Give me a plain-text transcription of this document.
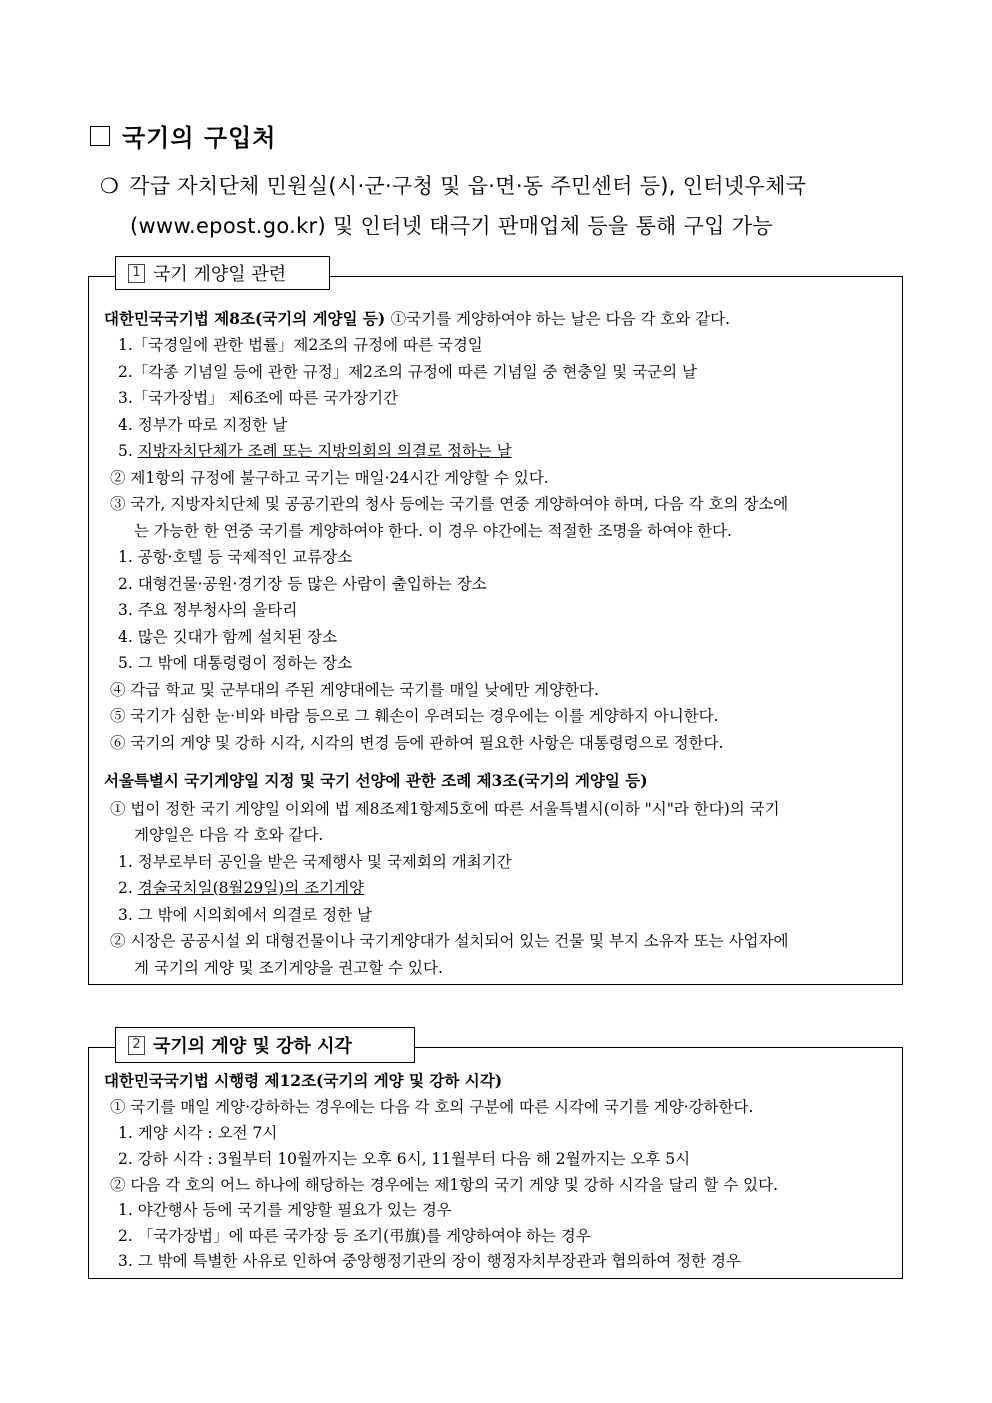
국기의 구입처
❍ 각급 자치단체 민원실(시·군·구청 및 읍·면·동 주민센터 등), 인터넷우체국
(www.epost.go.kr) 및 인터넷 태극기 판매업체 등을 통해 구입 가능
1 국기 게양일 관련
대한민국국기법 제8조(국기의 게양일 등) ①국기를 게양하여야 하는 날은 다음 각 호와 같다.
1.「국경일에 관한 법률」제2조의 규정에 따른 국경일
2.「각종 기념일 등에 관한 규정」제2조의 규정에 따른 기념일 중 현충일 및 국군의 날
3.「국가장법」 제6조에 따른 국가장기간
4. 정부가 따로 지정한 날
5. 지방자치단체가 조례 또는 지방의회의 의결로 정하는 날
② 제1항의 규정에 불구하고 국기는 매일·24시간 게양할 수 있다.
③ 국가, 지방자치단체 및 공공기관의 청사 등에는 국기를 연중 게양하여야 하며, 다음 각 호의 장소에
는 가능한 한 연중 국기를 게양하여야 한다. 이 경우 야간에는 적절한 조명을 하여야 한다.
1. 공항·호텔 등 국제적인 교류장소
2. 대형건물·공원·경기장 등 많은 사람이 출입하는 장소
3. 주요 정부청사의 울타리
4. 많은 깃대가 함께 설치된 장소
5. 그 밖에 대통령령이 정하는 장소
④ 각급 학교 및 군부대의 주된 게양대에는 국기를 매일 낮에만 게양한다.
⑤ 국기가 심한 눈·비와 바람 등으로 그 훼손이 우려되는 경우에는 이를 게양하지 아니한다.
⑥ 국기의 게양 및 강하 시각, 시각의 변경 등에 관하여 필요한 사항은 대통령령으로 정한다.
서울특별시 국기게양일 지정 및 국기 선양에 관한 조례 제3조(국기의 게양일 등)
① 법이 정한 국기 게양일 이외에 법 제8조제1항제5호에 따른 서울특별시(이하 "시"라 한다)의 국기
게양일은 다음 각 호와 같다.
1. 정부로부터 공인을 받은 국제행사 및 국제회의 개최기간
2. 경술국치일(8월29일)의 조기게양
3. 그 밖에 시의회에서 의결로 정한 날
② 시장은 공공시설 외 대형건물이나 국기게양대가 설치되어 있는 건물 및 부지 소유자 또는 사업자에
게 국기의 게양 및 조기게양을 권고할 수 있다.
2 국기의 게양 및 강하 시각
대한민국국기법 시행령 제12조(국기의 게양 및 강하 시각)
① 국기를 매일 게양·강하하는 경우에는 다음 각 호의 구분에 따른 시각에 국기를 게양·강하한다.
1. 게양 시각 : 오전 7시
2. 강하 시각 : 3월부터 10월까지는 오후 6시, 11월부터 다음 해 2월까지는 오후 5시
② 다음 각 호의 어느 하나에 해당하는 경우에는 제1항의 국기 게양 및 강하 시각을 달리 할 수 있다.
1. 야간행사 등에 국기를 게양할 필요가 있는 경우
2. 「국가장법」에 따른 국가장 등 조기(弔旗)를 게양하여야 하는 경우
3. 그 밖에 특별한 사유로 인하여 중앙행정기관의 장이 행정자치부장관과 협의하여 정한 경우
